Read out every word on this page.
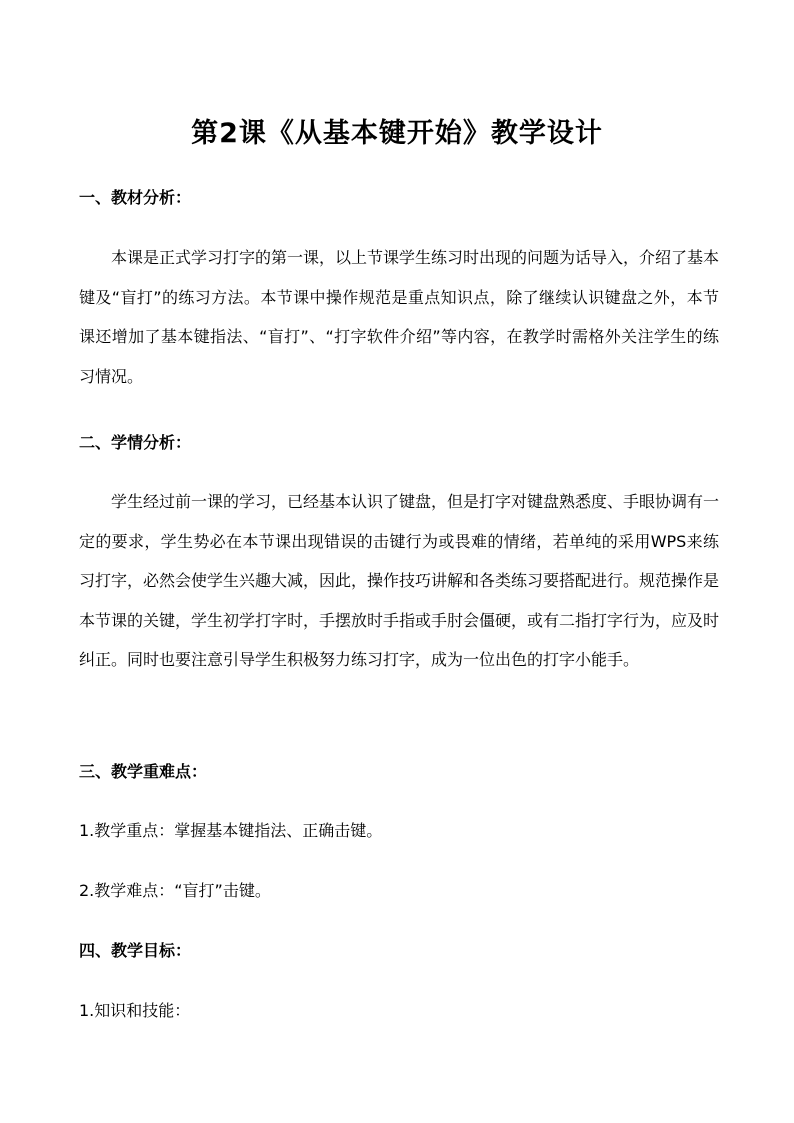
第2课《从基本键开始》教学设计
一、教材分析：

本课是正式学习打字的第一课，以上节课学生练习时出现的问题为话导入，介绍了基本键及“盲打”的练习方法。本节课中操作规范是重点知识点，除了继续认识键盘之外，本节课还增加了基本键指法、“盲打”、“打字软件介绍”等内容，在教学时需格外关注学生的练习情况。

二、学情分析：

学生经过前一课的学习，已经基本认识了键盘，但是打字对键盘熟悉度、手眼协调有一定的要求，学生势必在本节课出现错误的击键行为或畏难的情绪，若单纯的采用WPS来练习打字，必然会使学生兴趣大减，因此，操作技巧讲解和各类练习要搭配进行。规范操作是本节课的关键，学生初学打字时，手摆放时手指或手肘会僵硬，或有二指打字行为，应及时纠正。同时也要注意引导学生积极努力练习打字，成为一位出色的打字小能手。

三、教学重难点：
1.教学重点：掌握基本键指法、正确击键。
2.教学难点：“盲打”击键。
四、教学目标：
1.知识和技能：
